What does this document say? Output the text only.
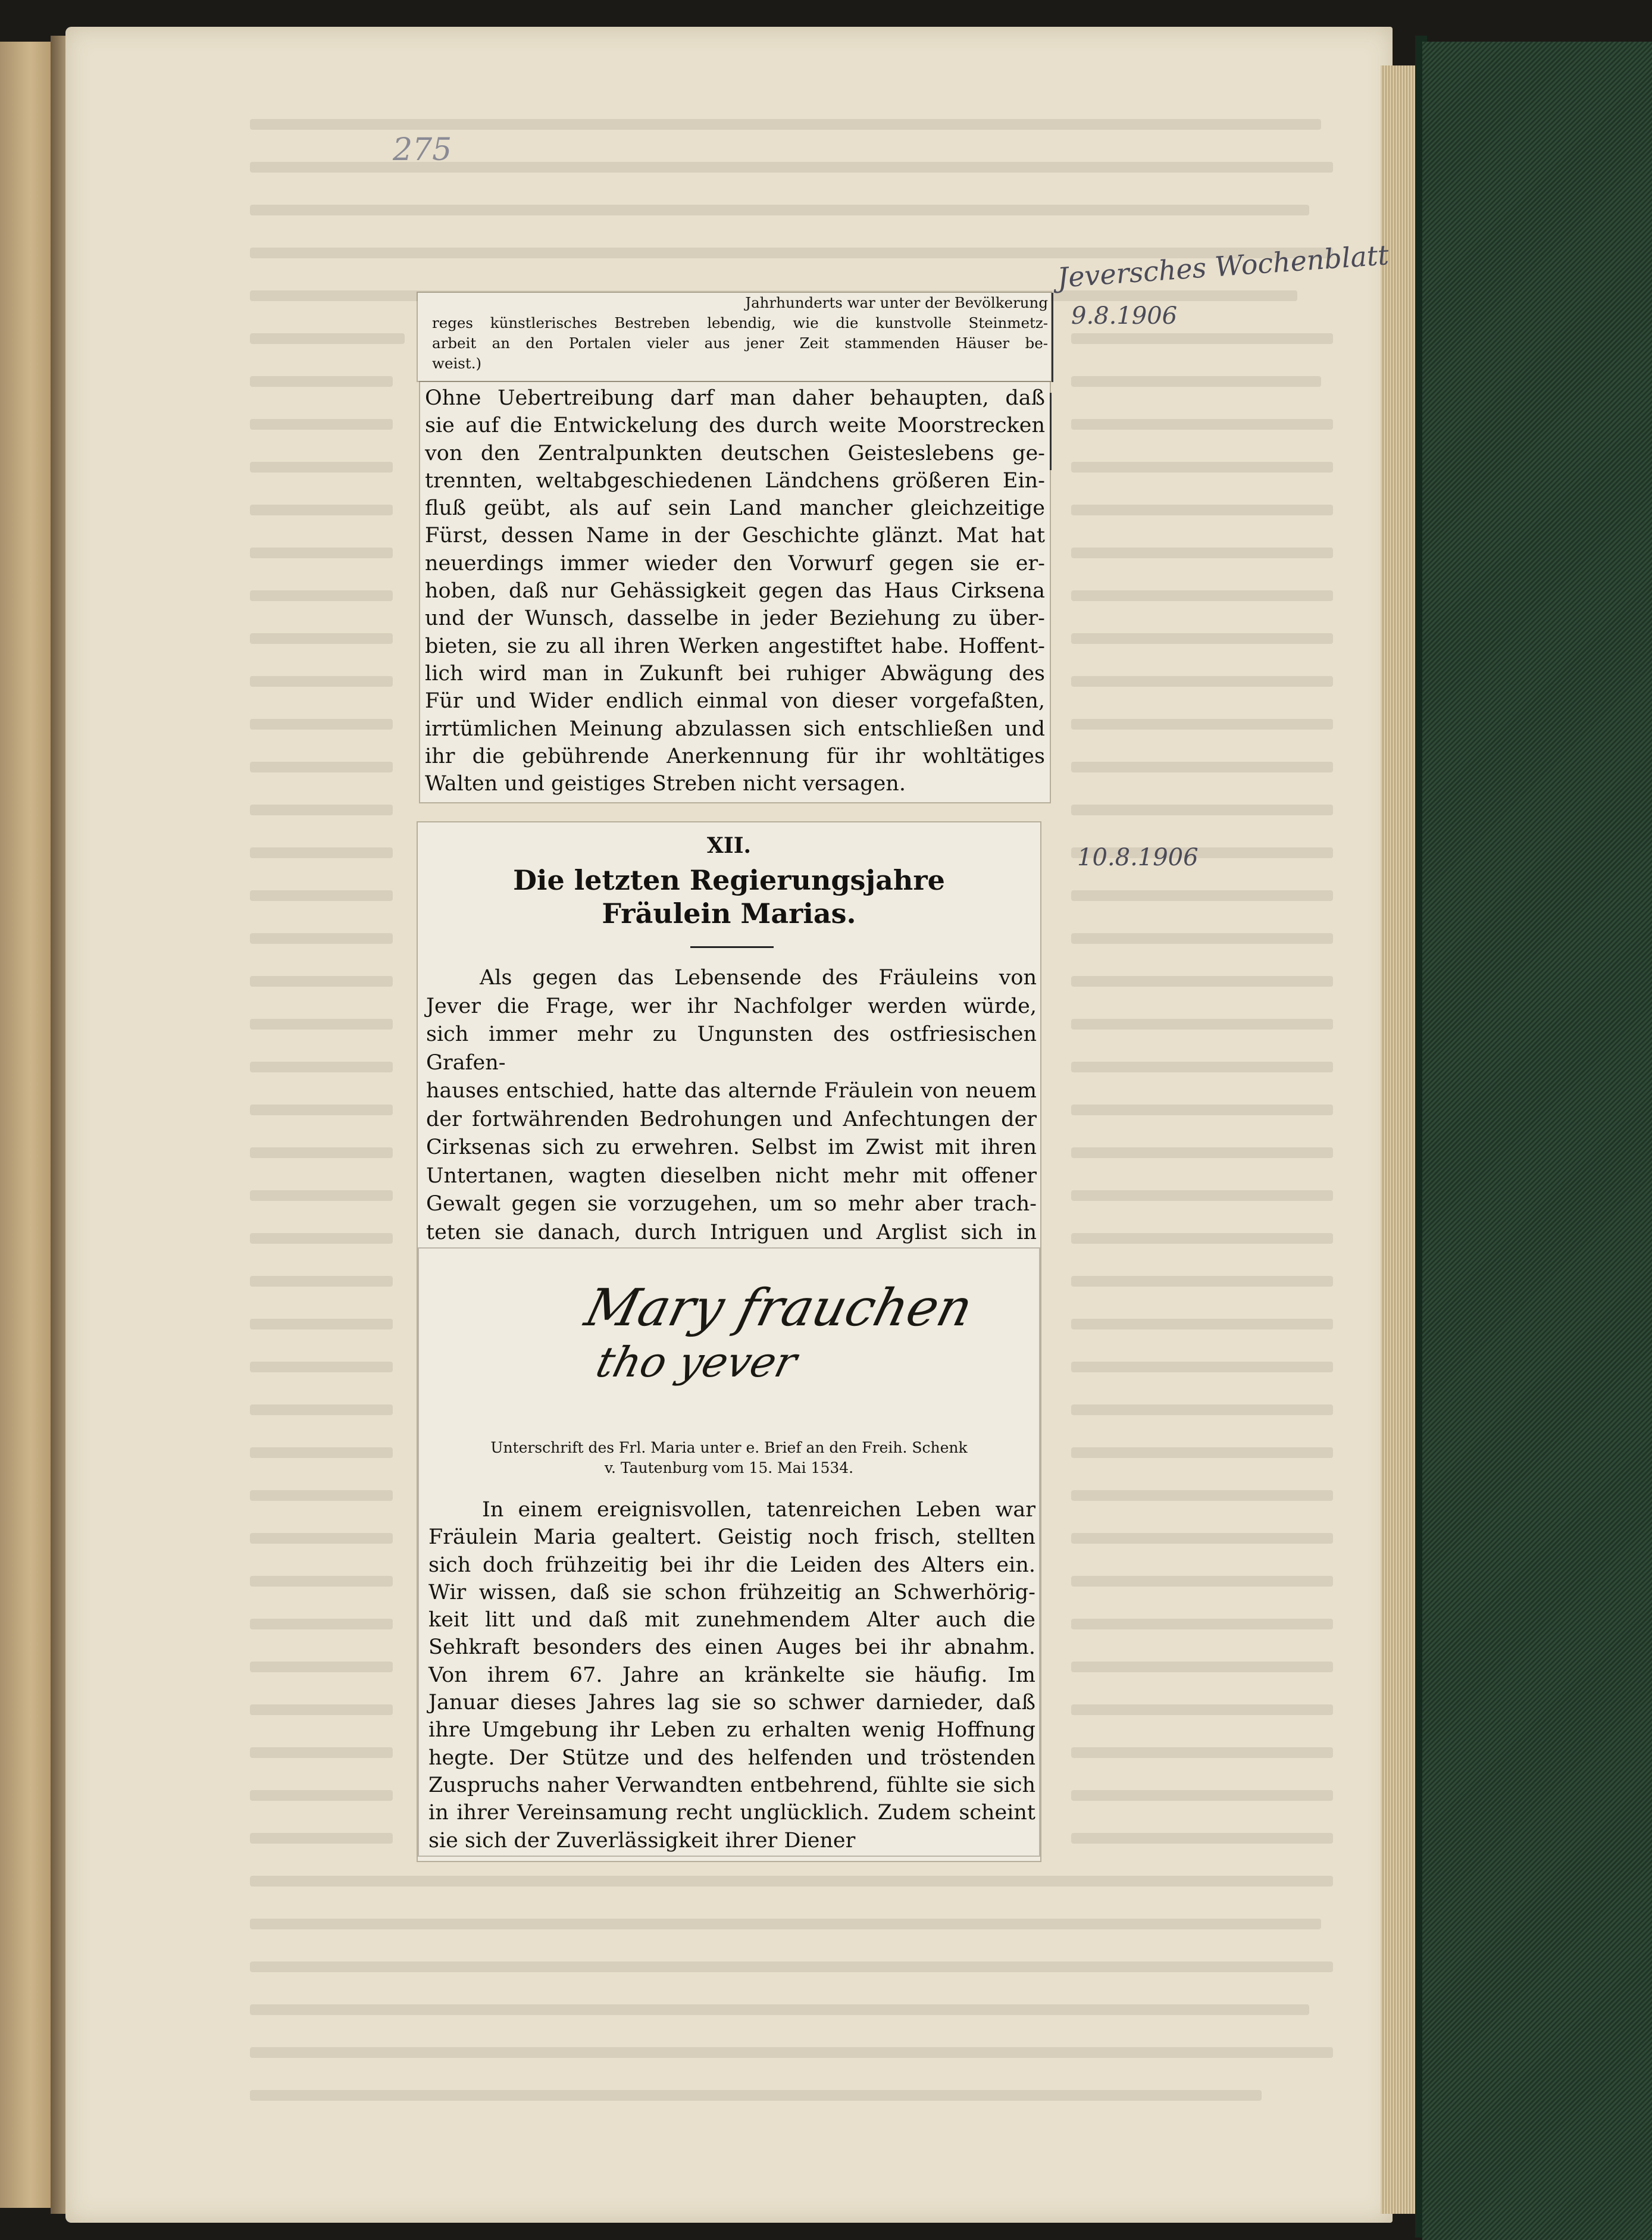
275
Jeversches Wochenblatt
9.8.1906
10.8.1906

Jahrhunderts war unter der Bevölkerung

reges künstlerisches Bestreben lebendig, wie die kunstvolle Steinmetz-

arbeit an den Portalen vieler aus jener Zeit stammenden Häuser be-

weist.)

Ohne Uebertreibung darf man daher behaupten, daß

sie auf die Entwickelung des durch weite Moorstrecken

von den Zentralpunkten deutschen Geisteslebens ge-

trennten, weltabgeschiedenen Ländchens größeren Ein-

fluß geübt, als auf sein Land mancher gleichzeitige

Fürst, dessen Name in der Geschichte glänzt. Mat hat

neuerdings immer wieder den Vorwurf gegen sie er-

hoben, daß nur Gehässigkeit gegen das Haus Cirksena

und der Wunsch, dasselbe in jeder Beziehung zu über-

bieten, sie zu all ihren Werken angestiftet habe. Hoffent-

lich wird man in Zukunft bei ruhiger Abwägung des

Für und Wider endlich einmal von dieser vorgefaßten,

irrtümlichen Meinung abzulassen sich entschließen und

ihr die gebührende Anerkennung für ihr wohltätiges

Walten und geistiges Streben nicht versagen.

XII.

Die letzten Regierungsjahre

Fräulein Marias.

Als gegen das Lebensende des Fräuleins von

Jever die Frage, wer ihr Nachfolger werden würde,

sich immer mehr zu Ungunsten des ostfriesischen Grafen-

hauses entschied, hatte das alternde Fräulein von neuem

der fortwährenden Bedrohungen und Anfechtungen der

Cirksenas sich zu erwehren. Selbst im Zwist mit ihren

Untertanen, wagten dieselben nicht mehr mit offener

Gewalt gegen sie vorzugehen, um so mehr aber trach-

teten sie danach, durch Intriguen und Arglist sich in

Mary frauchen
tho yever

Unterschrift des Frl. Maria unter e. Brief an den Freih. Schenk

v. Tautenburg vom 15. Mai 1534.

In einem ereignisvollen, tatenreichen Leben war

Fräulein Maria gealtert. Geistig noch frisch, stellten

sich doch frühzeitig bei ihr die Leiden des Alters ein.

Wir wissen, daß sie schon frühzeitig an Schwerhörig-

keit litt und daß mit zunehmendem Alter auch die

Sehkraft besonders des einen Auges bei ihr abnahm.

Von ihrem 67. Jahre an kränkelte sie häufig. Im

Januar dieses Jahres lag sie so schwer darnieder, daß

ihre Umgebung ihr Leben zu erhalten wenig Hoffnung

hegte. Der Stütze und des helfenden und tröstenden

Zuspruchs naher Verwandten entbehrend, fühlte sie sich

in ihrer Vereinsamung recht unglücklich. Zudem scheint

sie sich der Zuverlässigkeit ihrer Diener
